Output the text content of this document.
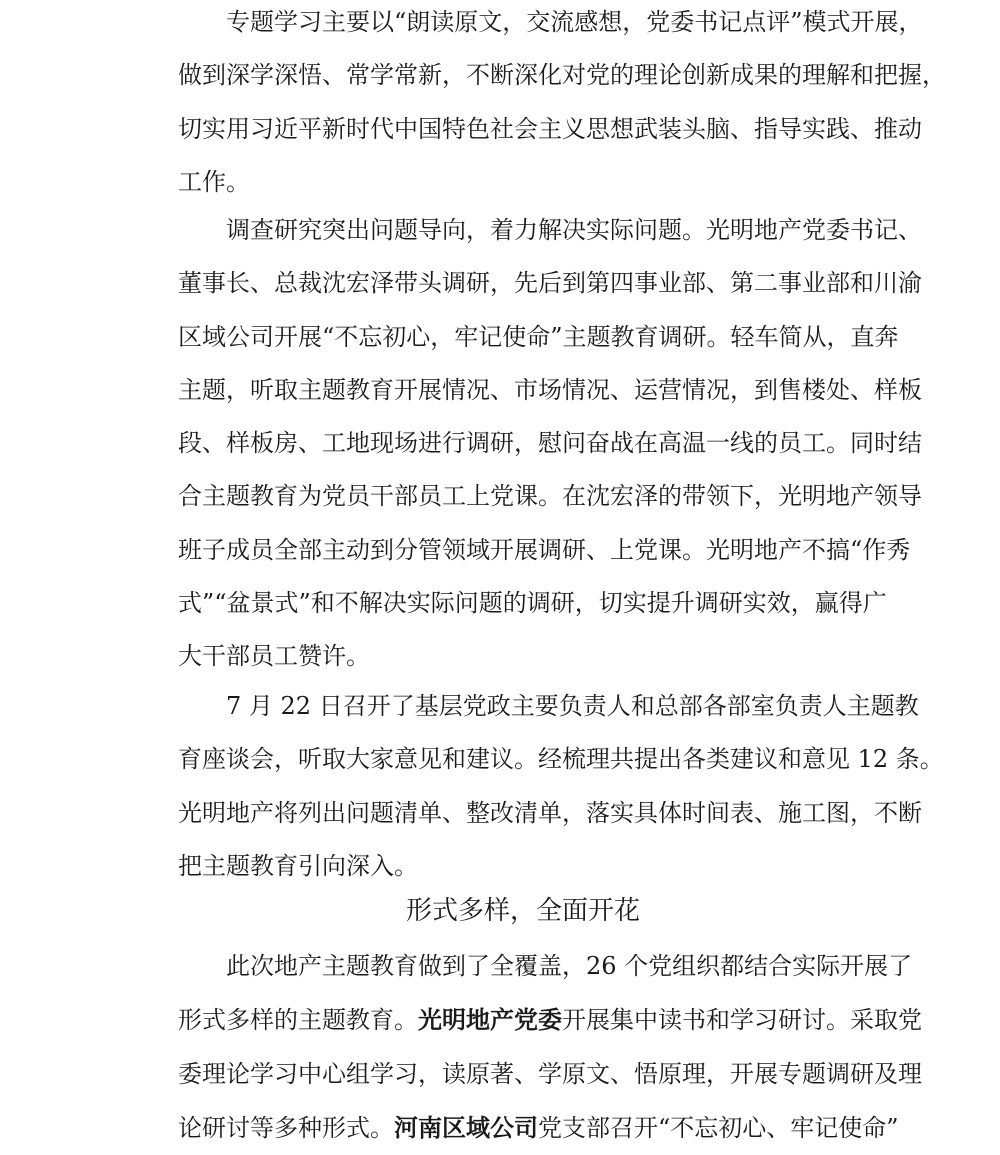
专题学习主要以“朗读原文，交流感想，党委书记点评”模式开展，
做到深学深悟、常学常新，不断深化对党的理论创新成果的理解和把握，
切实用习近平新时代中国特色社会主义思想武装头脑、指导实践、推动
工作。
调查研究突出问题导向，着力解决实际问题。光明地产党委书记、
董事长、总裁沈宏泽带头调研，先后到第四事业部、第二事业部和川渝
区域公司开展“不忘初心，牢记使命”主题教育调研。轻车简从，直奔
主题，听取主题教育开展情况、市场情况、运营情况，到售楼处、样板
段、样板房、工地现场进行调研，慰问奋战在高温一线的员工。同时结
合主题教育为党员干部员工上党课。在沈宏泽的带领下，光明地产领导
班子成员全部主动到分管领域开展调研、上党课。光明地产不搞“作秀
式”“盆景式”和不解决实际问题的调研，切实提升调研实效，赢得广
大干部员工赞许。
7 月 22 日召开了基层党政主要负责人和总部各部室负责人主题教
育座谈会，听取大家意见和建议。经梳理共提出各类建议和意见 12 条。
光明地产将列出问题清单、整改清单，落实具体时间表、施工图，不断
把主题教育引向深入。
形式多样，全面开花
此次地产主题教育做到了全覆盖，26 个党组织都结合实际开展了
形式多样的主题教育。光明地产党委开展集中读书和学习研讨。采取党
委理论学习中心组学习，读原著、学原文、悟原理，开展专题调研及理
论研讨等多种形式。河南区域公司党支部召开“不忘初心、牢记使命”
